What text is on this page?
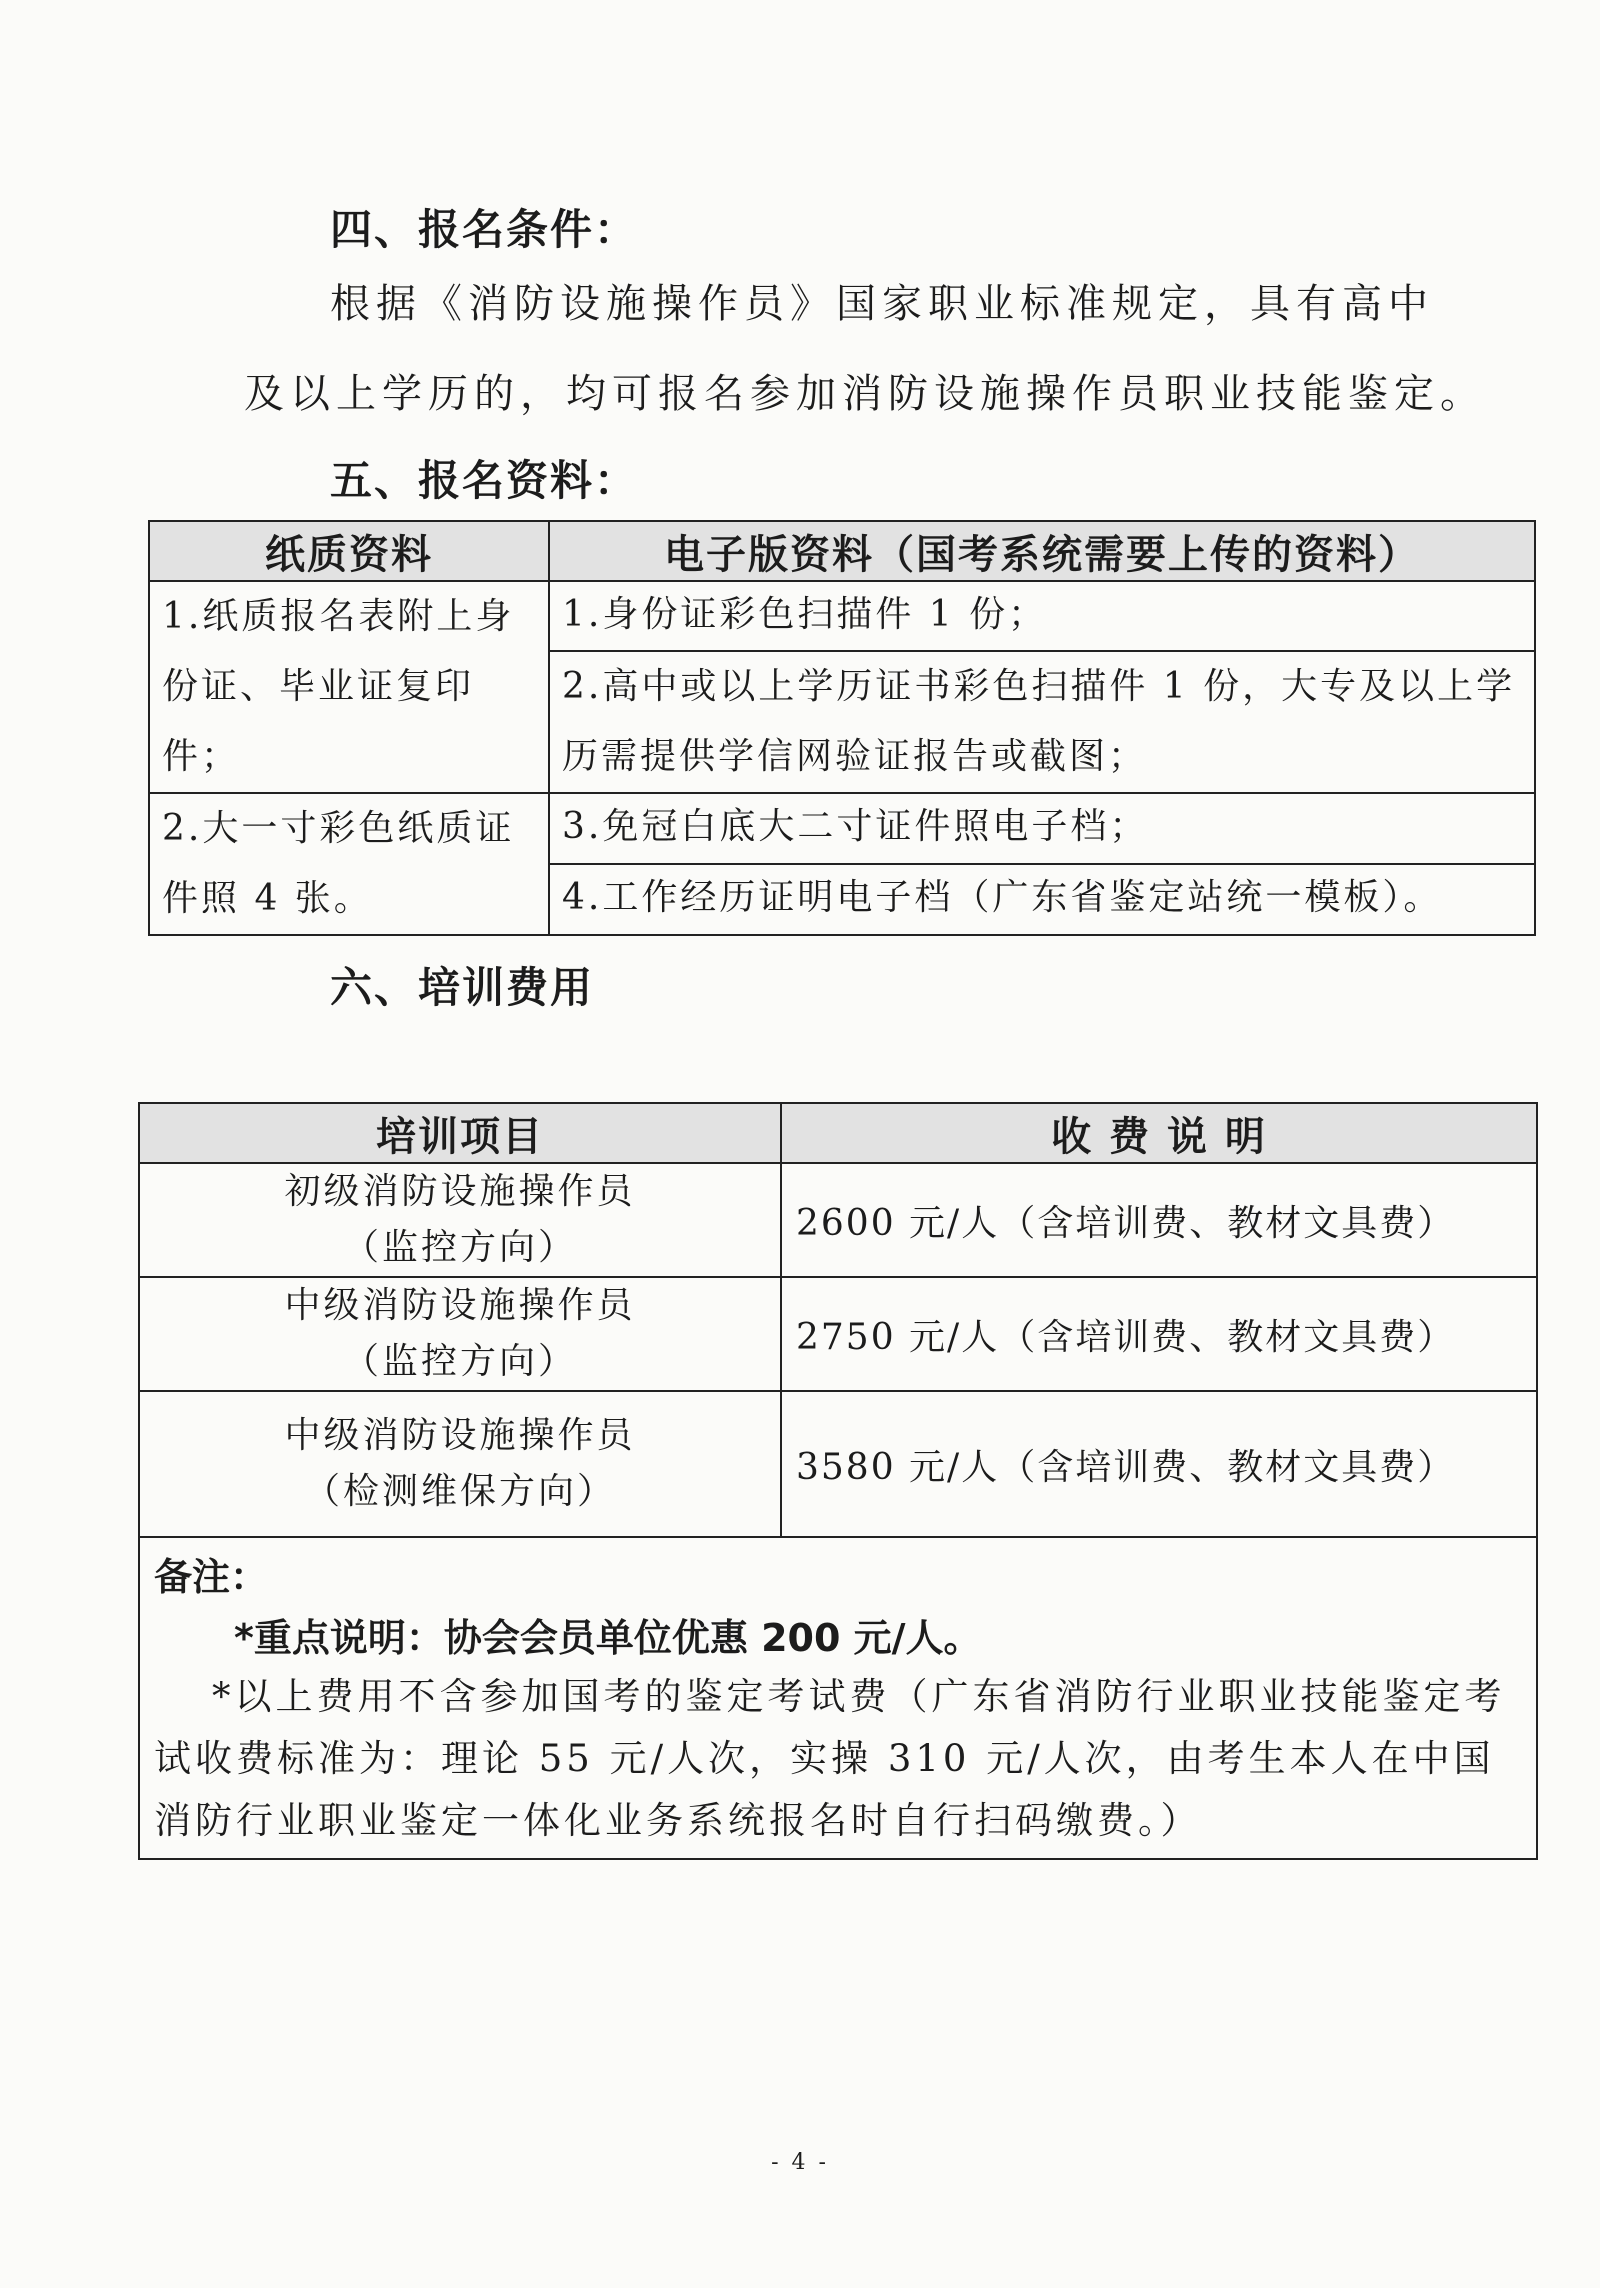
四、报名条件：
根据《消防设施操作员》国家职业标准规定，具有高中
及以上学历的，均可报名参加消防设施操作员职业技能鉴定。
五、报名资料：
纸质资料	电子版资料（国考系统需要上传的资料）

1.纸质报名表附上身份证、毕业证复印件；	1.身份证彩色扫描件 1 份；

	2.高中或以上学历证书彩色扫描件 1 份，大专及以上学历需提供学信网验证报告或截图；

2.大一寸彩色纸质证件照 4 张。	3.免冠白底大二寸证件照电子档；

	4.工作经历证明电子档（广东省鉴定站统一模板）。
六、培训费用
培训项目	收 费 说 明

初级消防设施操作员
（监控方向）	2600 元/人（含培训费、教材文具费）

中级消防设施操作员
（监控方向）	2750 元/人（含培训费、教材文具费）

中级消防设施操作员
（检测维保方向）	3580 元/人（含培训费、教材文具费）

备注：
*重点说明：协会会员单位优惠 200 元/人。
*以上费用不含参加国考的鉴定考试费（广东省消防行业职业技能鉴定考试收费标准为：理论 55 元/人次，实操 310 元/人次，由考生本人在中国消防行业职业鉴定一体化业务系统报名时自行扫码缴费。）	
- 4 -
